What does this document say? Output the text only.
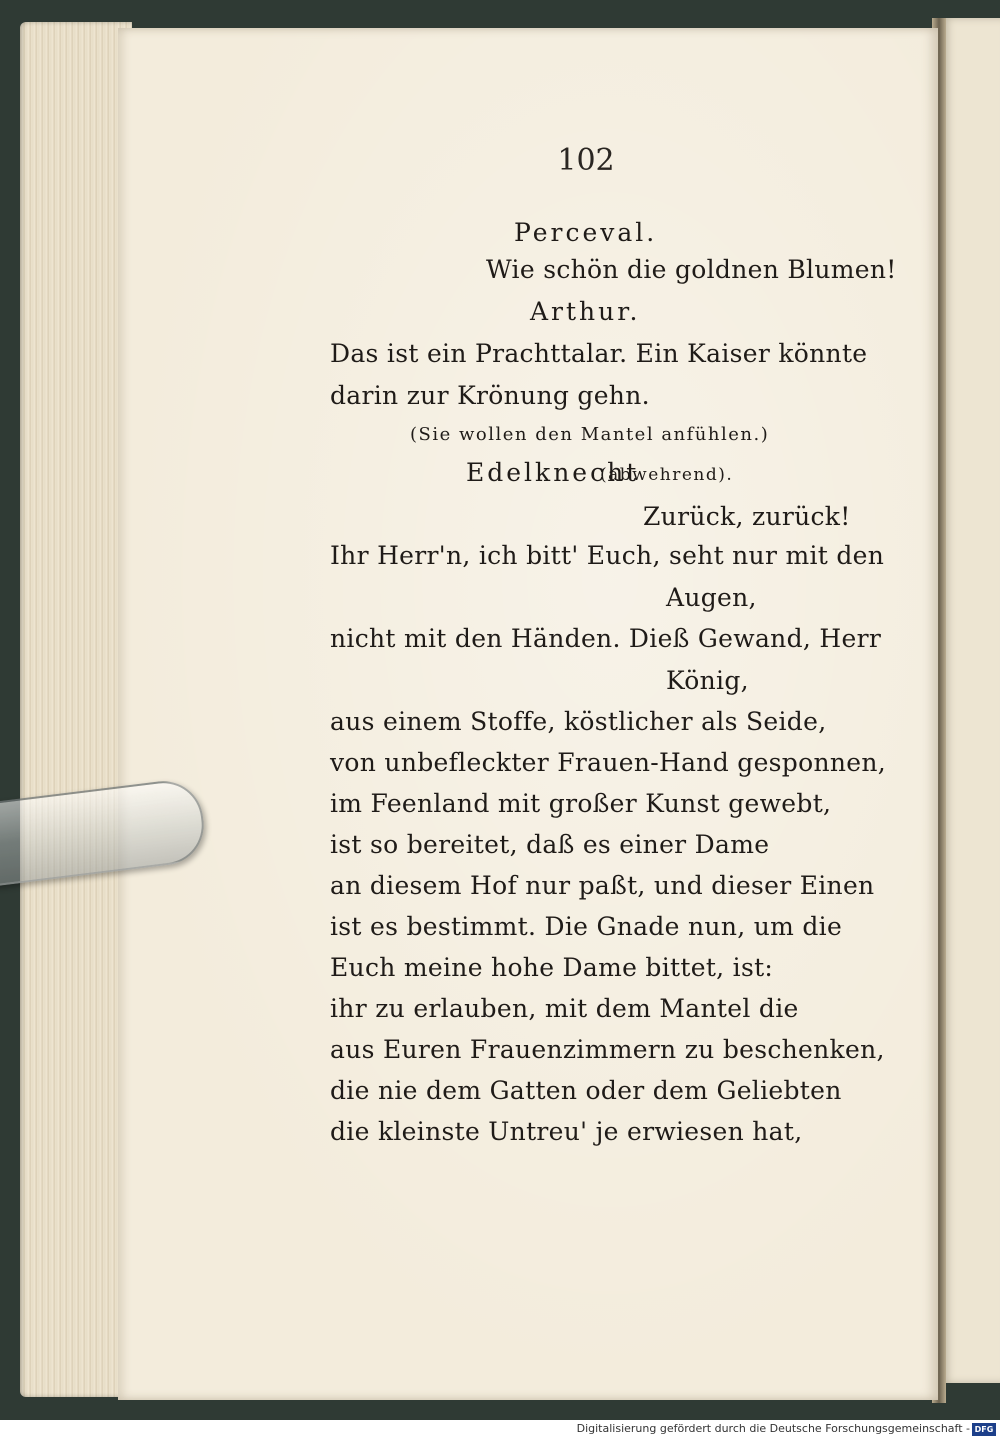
102
Perceval.
Wie schön die goldnen Blumen!
Arthur.
Das ist ein Prachttalar. Ein Kaiser könnte
darin zur Krönung gehn.
(Sie wollen den Mantel anfühlen.)
Edelknecht
(abwehrend).
Zurück, zurück!
Ihr Herr'n, ich bitt' Euch, seht nur mit den
Augen,
nicht mit den Händen. Dieß Gewand, Herr
König,
aus einem Stoffe, köstlicher als Seide,
von unbefleckter Frauen-Hand gesponnen,
im Feenland mit großer Kunst gewebt,
ist so bereitet, daß es einer Dame
an diesem Hof nur paßt, und dieser Einen
ist es bestimmt. Die Gnade nun, um die
Euch meine hohe Dame bittet, ist:
ihr zu erlauben, mit dem Mantel die
aus Euren Frauenzimmern zu beschenken,
die nie dem Gatten oder dem Geliebten
die kleinste Untreu' je erwiesen hat,
Digitalisierung gefördert durch die Deutsche Forschungsgemeinschaft - DFG
